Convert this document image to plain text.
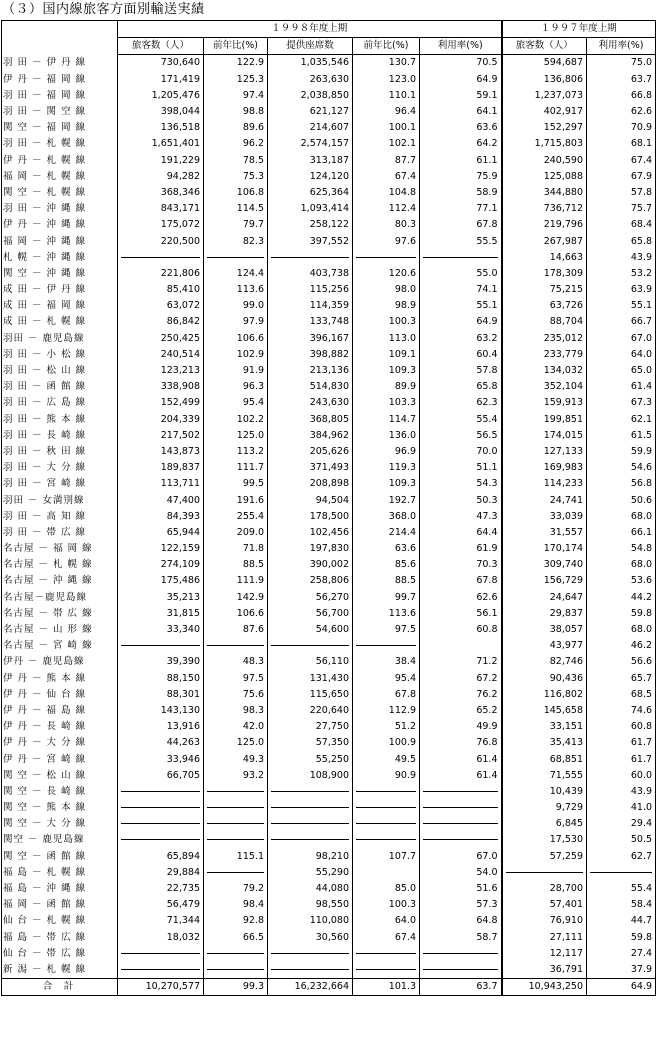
（３）国内線旅客方面別輸送実績
	１９９８年度上期					１９９７年度上期	
	旅客数（人）	前年比(%)	提供座席数	前年比(%)	利用率(%)	旅客数（人）	利用率(%)
羽 田 － 伊 丹 線	730,640	122.9	1,035,546	130.7	70.5	594,687	75.0
伊 丹 － 福 岡 線	171,419	125.3	263,630	123.0	64.9	136,806	63.7
羽 田 － 福 岡 線	1,205,476	97.4	2,038,850	110.1	59.1	1,237,073	66.8
羽 田 － 関 空 線	398,044	98.8	621,127	96.4	64.1	402,917	62.6
関 空 － 福 岡 線	136,518	89.6	214,607	100.1	63.6	152,297	70.9
羽 田 － 札 幌 線	1,651,401	96.2	2,574,157	102.1	64.2	1,715,803	68.1
伊 丹 － 札 幌 線	191,229	78.5	313,187	87.7	61.1	240,590	67.4
福 岡 － 札 幌 線	94,282	75.3	124,120	67.4	75.9	125,088	67.9
関 空 － 札 幌 線	368,346	106.8	625,364	104.8	58.9	344,880	57.8
羽 田 － 沖 縄 線	843,171	114.5	1,093,414	112.4	77.1	736,712	75.7
伊 丹 － 沖 縄 線	175,072	79.7	258,122	80.3	67.8	219,796	68.4
福 岡 － 沖 縄 線	220,500	82.3	397,552	97.6	55.5	267,987	65.8
札 幌 － 沖 縄 線						14,663	43.9
関 空 － 沖 縄 線	221,806	124.4	403,738	120.6	55.0	178,309	53.2
成 田 － 伊 丹 線	85,410	113.6	115,256	98.0	74.1	75,215	63.9
成 田 － 福 岡 線	63,072	99.0	114,359	98.9	55.1	63,726	55.1
成 田 － 札 幌 線	86,842	97.9	133,748	100.3	64.9	88,704	66.7
羽田 － 鹿児島線	250,425	106.6	396,167	113.0	63.2	235,012	67.0
羽 田 － 小 松 線	240,514	102.9	398,882	109.1	60.4	233,779	64.0
羽 田 － 松 山 線	123,213	91.9	213,136	109.3	57.8	134,032	65.0
羽 田 － 函 館 線	338,908	96.3	514,830	89.9	65.8	352,104	61.4
羽 田 － 広 島 線	152,499	95.4	243,630	103.3	62.3	159,913	67.3
羽 田 － 熊 本 線	204,339	102.2	368,805	114.7	55.4	199,851	62.1
羽 田 － 長 崎 線	217,502	125.0	384,962	136.0	56.5	174,015	61.5
羽 田 － 秋 田 線	143,873	113.2	205,626	96.9	70.0	127,133	59.9
羽 田 － 大 分 線	189,837	111.7	371,493	119.3	51.1	169,983	54.6
羽 田 － 宮 崎 線	113,711	99.5	208,898	109.3	54.3	114,233	56.8
羽田 － 女満別線	47,400	191.6	94,504	192.7	50.3	24,741	50.6
羽 田 － 高 知 線	84,393	255.4	178,500	368.0	47.3	33,039	68.0
羽 田 － 帯 広 線	65,944	209.0	102,456	214.4	64.4	31,557	66.1
名古屋 － 福 岡 線	122,159	71.8	197,830	63.6	61.9	170,174	54.8
名古屋 － 札 幌 線	274,109	88.5	390,002	85.6	70.3	309,740	68.0
名古屋 － 沖 縄 線	175,486	111.9	258,806	88.5	67.8	156,729	53.6
名古屋－鹿児島線	35,213	142.9	56,270	99.7	62.6	24,647	44.2
名古屋 － 帯 広 線	31,815	106.6	56,700	113.6	56.1	29,837	59.8
名古屋 － 山 形 線	33,340	87.6	54,600	97.5	60.8	38,057	68.0
名古屋 － 宮 崎 線						43,977	46.2
伊丹 － 鹿児島線	39,390	48.3	56,110	38.4	71.2	82,746	56.6
伊 丹 － 熊 本 線	88,150	97.5	131,430	95.4	67.2	90,436	65.7
伊 丹 － 仙 台 線	88,301	75.6	115,650	67.8	76.2	116,802	68.5
伊 丹 － 福 島 線	143,130	98.3	220,640	112.9	65.2	145,658	74.6
伊 丹 － 長 崎 線	13,916	42.0	27,750	51.2	49.9	33,151	60.8
伊 丹 － 大 分 線	44,263	125.0	57,350	100.9	76.8	35,413	61.7
伊 丹 － 宮 崎 線	33,946	49.3	55,250	49.5	61.4	68,851	61.7
関 空 － 松 山 線	66,705	93.2	108,900	90.9	61.4	71,555	60.0
関 空 － 長 崎 線						10,439	43.9
関 空 － 熊 本 線						9,729	41.0
関 空 － 大 分 線						6,845	29.4
関空 － 鹿児島線						17,530	50.5
関 空 － 函 館 線	65,894	115.1	98,210	107.7	67.0	57,259	62.7
福 島 － 札 幌 線	29,884		55,290		54.0		
福 島 － 沖 縄 線	22,735	79.2	44,080	85.0	51.6	28,700	55.4
福 岡 － 函 館 線	56,479	98.4	98,550	100.3	57.3	57,401	58.4
仙 台 － 札 幌 線	71,344	92.8	110,080	64.0	64.8	76,910	44.7
福 島 － 帯 広 線	18,032	66.5	30,560	67.4	58.7	27,111	59.8
仙 台 － 帯 広 線						12,117	27.4
新 潟 － 札 幌 線						36,791	37.9
合　計	10,270,577	99.3	16,232,664	101.3	63.7	10,943,250	64.9
